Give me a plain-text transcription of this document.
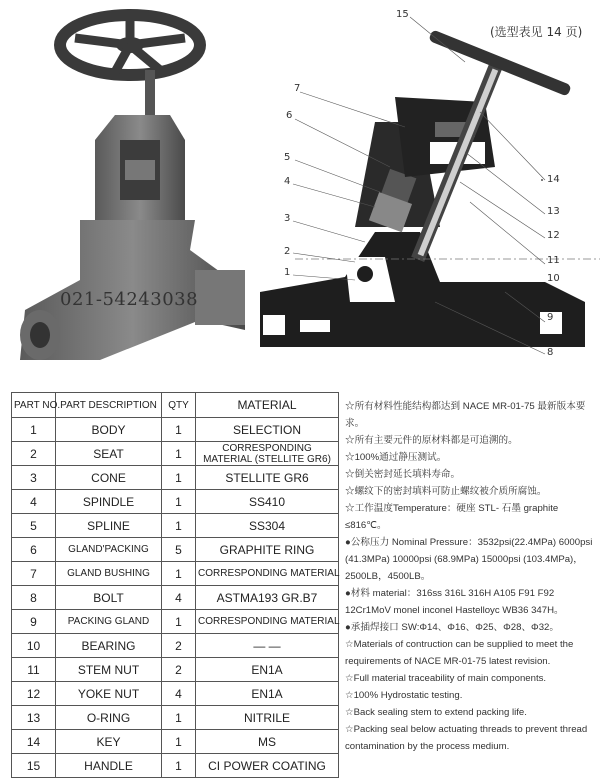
021-54243038
(选型表见 14 页)
15
7
6
5
4
3
2
1
14
13
12
11
10
9
8
PART NO.	PART DESCRIPTION	QTY	MATERIAL
1	BODY	1	SELECTION
2	SEAT	1	CORRESPONDING MATERIAL (STELLITE GR6)
3	CONE	1	STELLITE GR6
4	SPINDLE	1	SS410
5	SPLINE	1	SS304
6	GLAND'PACKING	5	GRAPHITE RING
7	GLAND BUSHING	1	CORRESPONDING MATERIAL
8	BOLT	4	ASTMA193 GR.B7
9	PACKING GLAND	1	CORRESPONDING MATERIAL
10	BEARING	2	— —
11	STEM NUT	2	EN1A
12	YOKE NUT	4	EN1A
13	O-RING	1	NITRILE
14	KEY	1	MS
15	HANDLE	1	CI POWER COATING

☆所有材料性能结构都达到 NACE MR-01-75 最新版本要求。

☆所有主要元件的原材料都是可追溯的。

☆100%通过静压测试。

☆倒关密封延长填料寿命。

☆螺纹下的密封填料可防止螺纹被介质所腐蚀。

☆工作温度Temperature：硬座 STL- 石墨 graphite ≤816℃。

●公称压力 Nominal Pressure：3532psi(22.4MPa) 6000psi (41.3MPa) 10000psi (68.9MPa) 15000psi (103.4MPa)，2500LB，4500LB。

●材料 material：316ss 316L 316H A105 F91 F92 12Cr1MoV monel inconel Hastelloyc WB36 347H。

●承插焊接口 SW:Φ14、Φ16、Φ25、Φ28、Φ32。

☆Materials of contruction can be supplied to meet the requirements of NACE MR-01-75 latest revision.

☆Full material traceability of main components.

☆100% Hydrostatic testing.

☆Back sealing stem to extend packing life.

☆Packing seal below actuating threads to prevent thread contamination by the process medium.
